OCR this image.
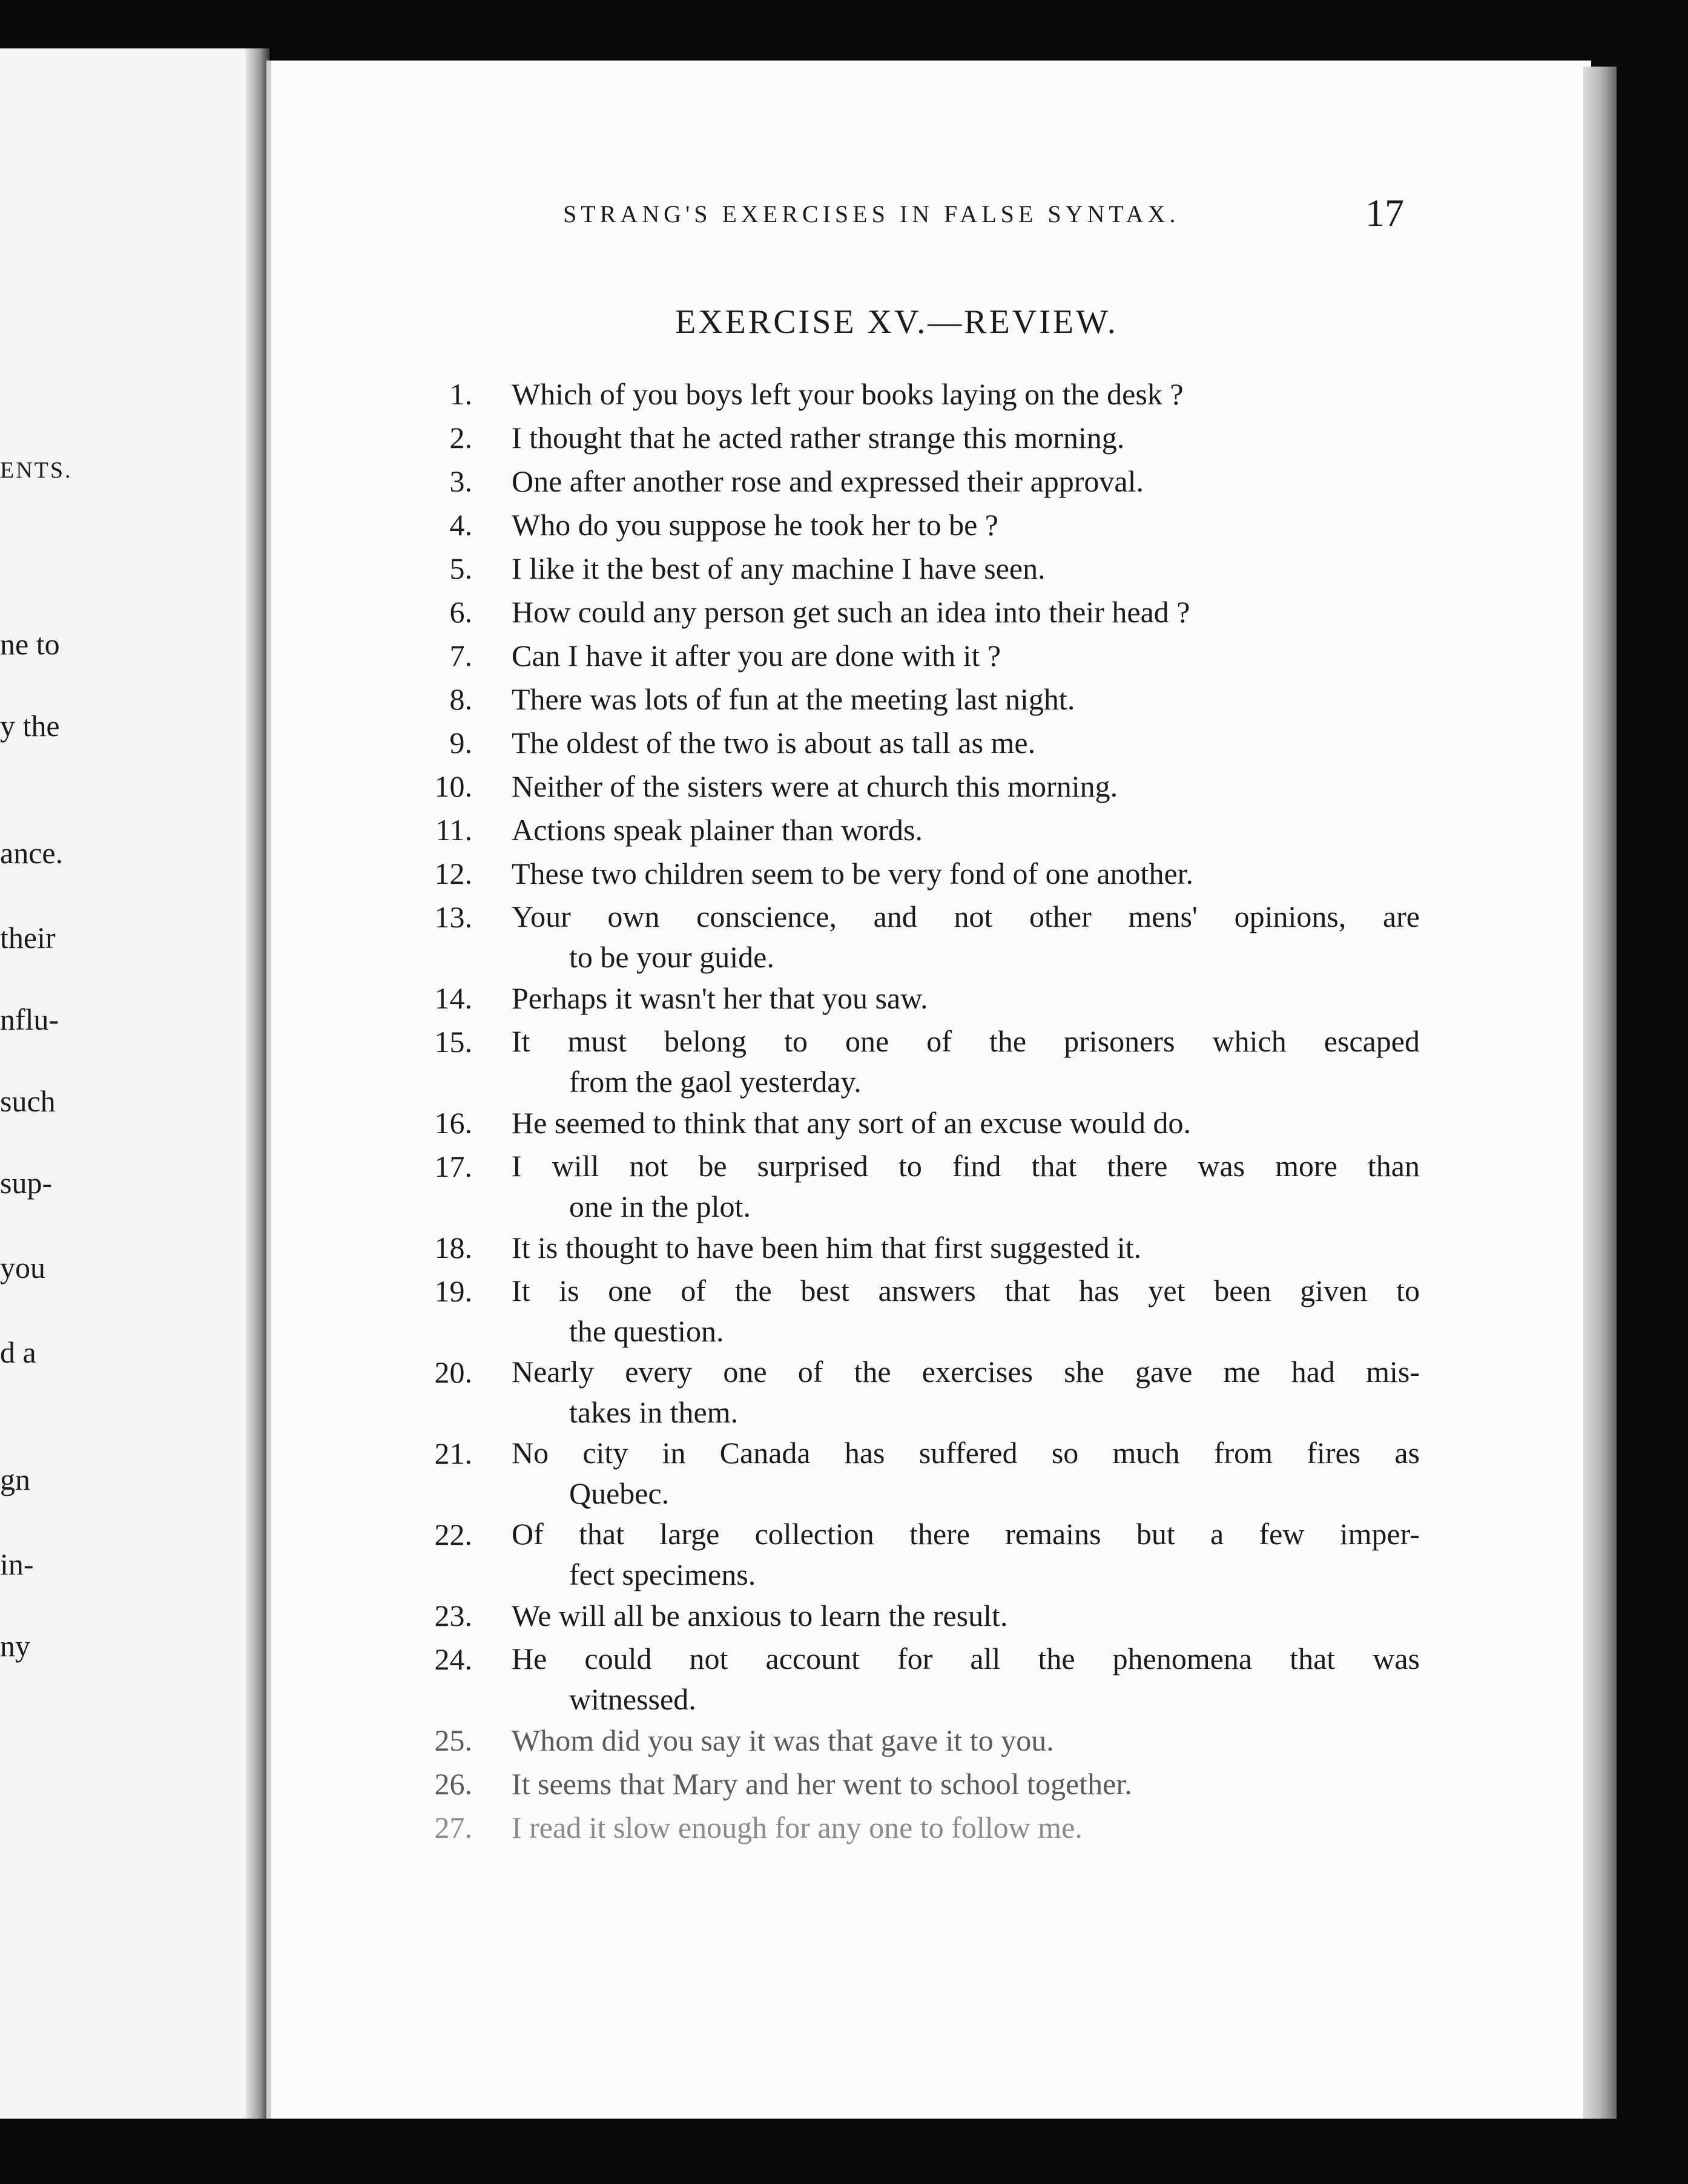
ENTS.
ne to
y the
ance.
their
nflu-
such
sup-
you
d a
gn
in-
ny
STRANG'S EXERCISES IN FALSE SYNTAX.	17
EXERCISE XV.—REVIEW.
1. Which of you boys left your books laying on the desk ?
2. I thought that he acted rather strange this morning.
3. One after another rose and expressed their approval.
4. Who do you suppose he took her to be ?
5. I like it the best of any machine I have seen.
6. How could any person get such an idea into their head ?
7. Can I have it after you are done with it ?
8. There was lots of fun at the meeting last night.
9. The oldest of the two is about as tall as me.
10. Neither of the sisters were at church this morning.
11. Actions speak plainer than words.
12. These two children seem to be very fond of one another.
13. Your own conscience, and not other mens' opinions, are
to be your guide.
14. Perhaps it wasn't her that you saw.
15. It must belong to one of the prisoners which escaped
from the gaol yesterday.
16. He seemed to think that any sort of an excuse would do.
17. I will not be surprised to find that there was more than
one in the plot.
18. It is thought to have been him that first suggested it.
19. It is one of the best answers that has yet been given to
the question.
20. Nearly every one of the exercises she gave me had mis-
takes in them.
21. No city in Canada has suffered so much from fires as
Quebec.
22. Of that large collection there remains but a few imper-
fect specimens.
23. We will all be anxious to learn the result.
24. He could not account for all the phenomena that was
witnessed.
25. Whom did you say it was that gave it to you.
26. It seems that Mary and her went to school together.
27. I read it slow enough for any one to follow me.
